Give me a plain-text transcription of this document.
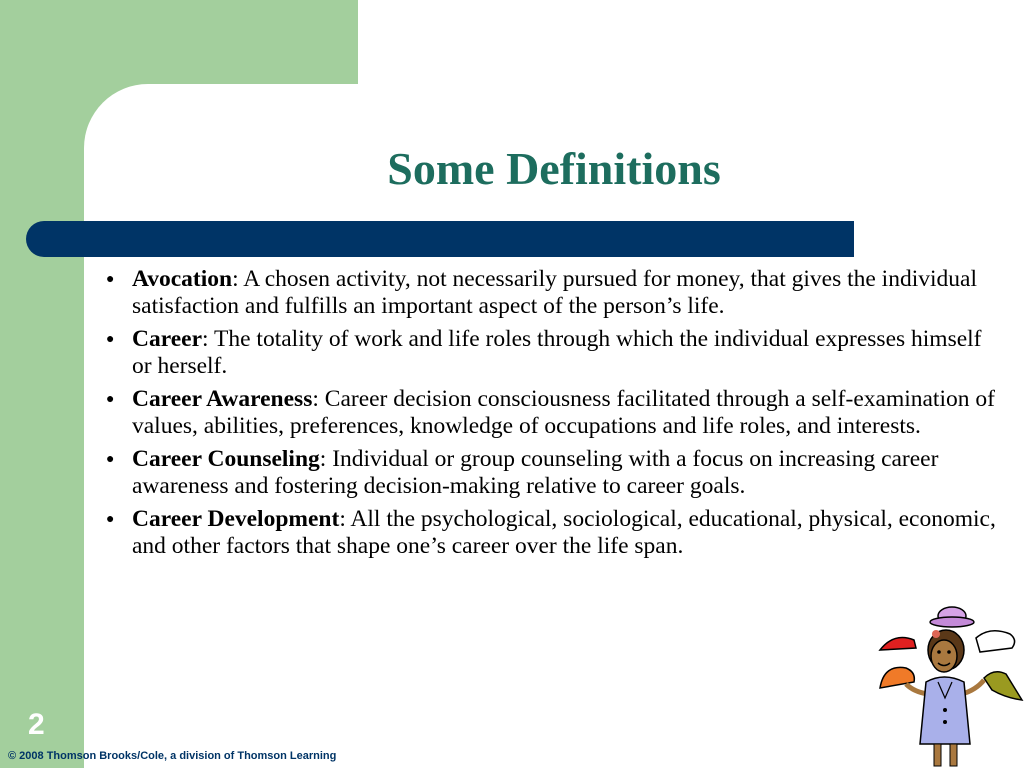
Some Definitions
● Avocation: A chosen activity, not necessarily pursued for money, that gives the individual satisfaction and fulfills an important aspect of the person’s life.
● Career: The totality of work and life roles through which the individual expresses himself or herself.
● Career Awareness: Career decision consciousness facilitated through a self-examination of values, abilities, preferences, knowledge of occupations and life roles, and interests.
● Career Counseling: Individual or group counseling with a focus on increasing career awareness and fostering decision-making relative to career goals.
● Career Development: All the psychological, sociological, educational, physical, economic, and other factors that shape one’s career over the life span.
2
© 2008 Thomson Brooks/Cole, a division of Thomson Learning
